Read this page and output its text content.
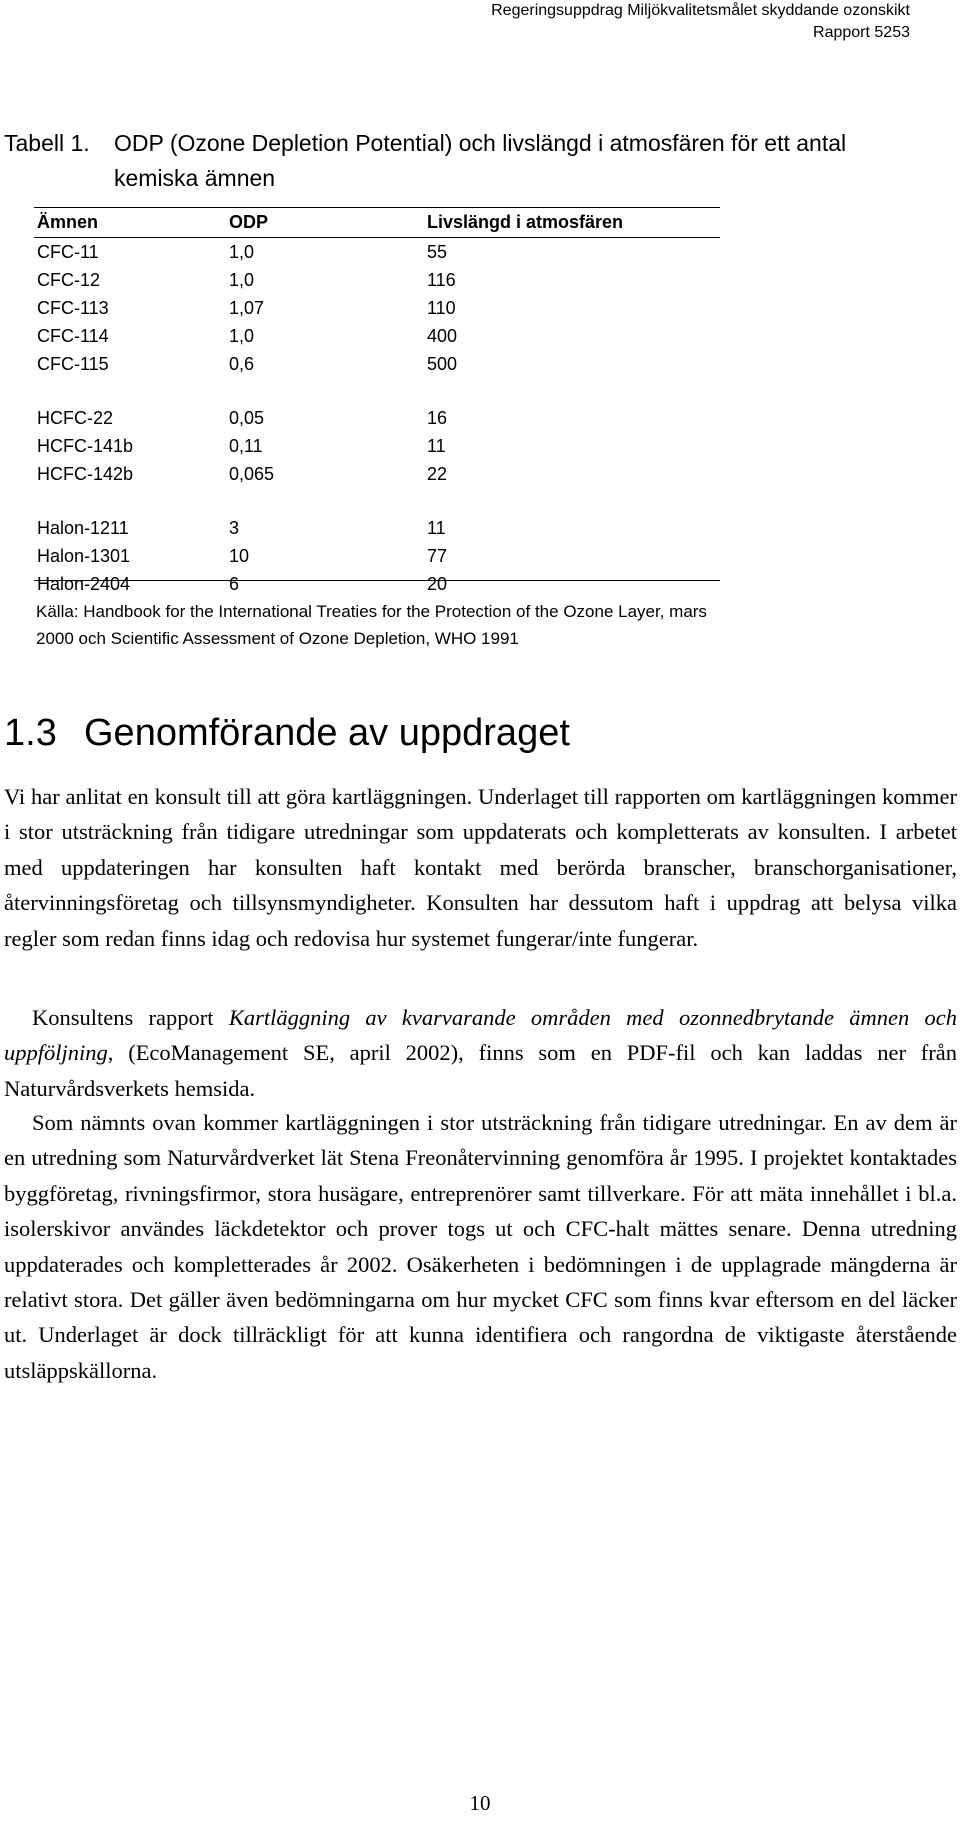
Regeringsuppdrag Miljökvalitetsmålet skyddande ozonskikt
Rapport 5253
Tabell 1. ODP (Ozone Depletion Potential) och livslängd i atmosfären för ett antal kemiska ämnen
Ämnen	ODP	Livslängd i atmosfären
CFC-11	1,0	55
CFC-12	1,0	116
CFC-113	1,07	110
CFC-114	1,0	400
CFC-115	0,6	500
HCFC-22	0,05	16
HCFC-141b	0,11	11
HCFC-142b	0,065	22
Halon-1211	3	11
Halon-1301	10	77
Halon-2404	6	20
Källa: Handbook for the International Treaties for the Protection of the Ozone Layer, mars 2000 och Scientific Assessment of Ozone Depletion, WHO 1991
1.3 Genomförande av uppdraget

Vi har anlitat en konsult till att göra kartläggningen. Underlaget till rapporten om kartläggningen kommer i stor utsträckning från tidigare utredningar som uppdaterats och kompletterats av konsulten. I arbetet med uppdateringen har konsulten haft kontakt med berörda branscher, branschorganisationer, återvinningsföretag och tillsynsmyndigheter. Konsulten har dessutom haft i uppdrag att belysa vilka regler som redan finns idag och redovisa hur systemet fungerar/inte fungerar.

Konsultens rapport Kartläggning av kvarvarande områden med ozonnedbrytande ämnen och uppföljning, (EcoManagement SE, april 2002), finns som en PDF-fil och kan laddas ner från Naturvårdsverkets hemsida.

Som nämnts ovan kommer kartläggningen i stor utsträckning från tidigare utredningar. En av dem är en utredning som Naturvårdverket lät Stena Freonåtervinning genomföra år 1995. I projektet kontaktades byggföretag, rivningsfirmor, stora husägare, entreprenörer samt tillverkare. För att mäta innehållet i bl.a. isolerskivor användes läckdetektor och prover togs ut och CFC-halt mättes senare. Denna utredning uppdaterades och kompletterades år 2002. Osäkerheten i bedömningen i de upplagrade mängderna är relativt stora. Det gäller även bedömningarna om hur mycket CFC som finns kvar eftersom en del läcker ut. Underlaget är dock tillräckligt för att kunna identifiera och rangordna de viktigaste återstående utsläppskällorna.

10
